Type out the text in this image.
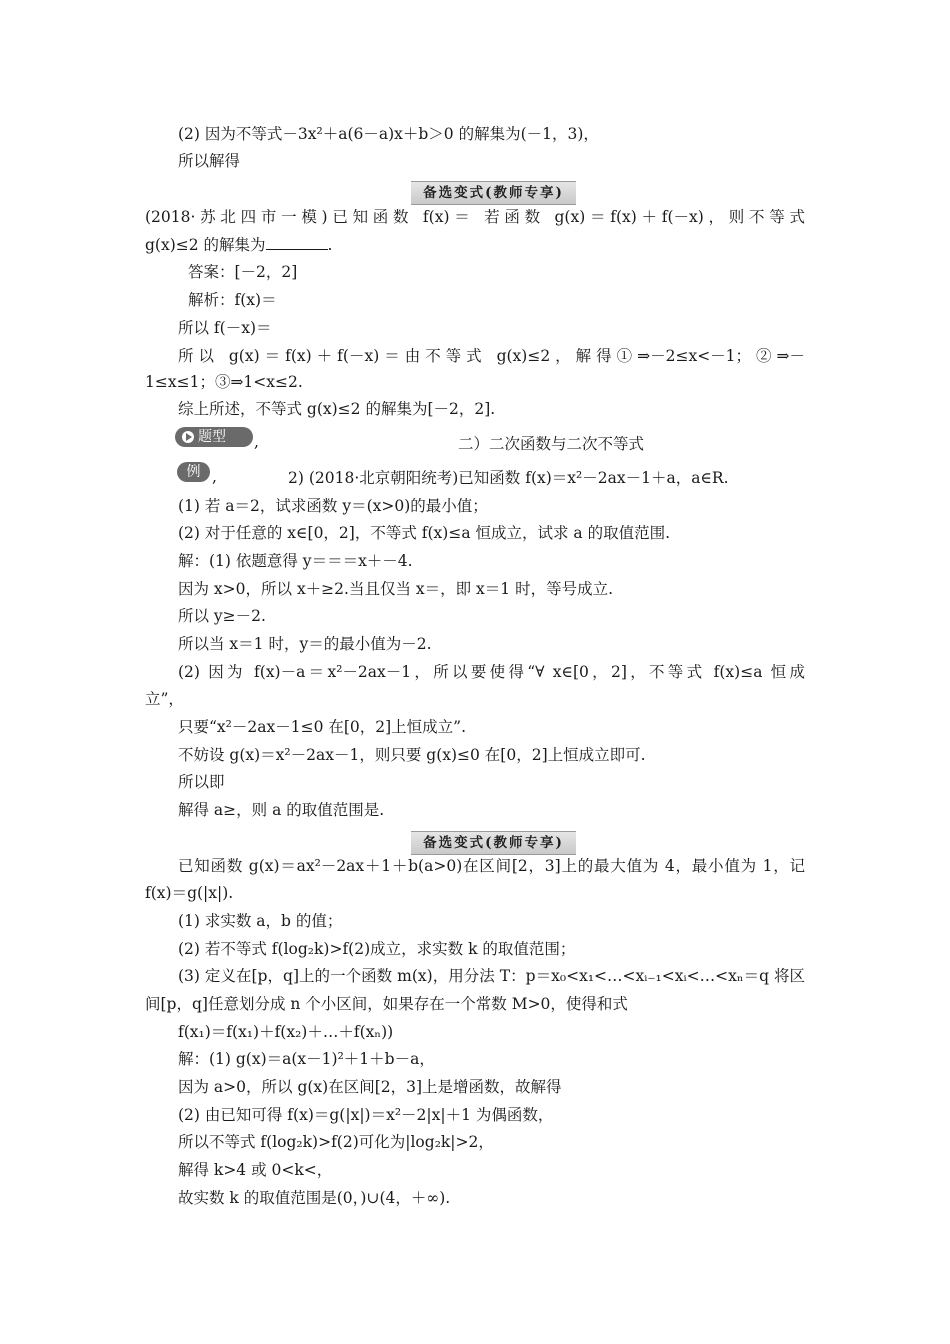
(2) 因为不等式－3x²＋a(6－a)x＋b＞0 的解集为(－1，3)，
所以解得
备选变式(教师专享)
(2018·苏北四市一模)已知函数 f(x)＝ 若函数 g(x)＝f(x)＋f(－x)，则不等式
g(x)≤2 的解集为	.
答案：[－2，2]
解析：f(x)＝
所以 f(－x)＝
所以 g(x)＝f(x)＋f(－x)＝由不等式 g(x)≤2，解得①⇒－2≤x<－1；②⇒－
1≤x≤1；③⇒1<x≤2.
综上所述，不等式 g(x)≤2 的解集为[－2，2].
题型 ,	二）二次函数与二次不等式
例 ,	2) (2018·北京朝阳统考)已知函数 f(x)＝x²－2ax－1＋a，a∈R.
(1) 若 a＝2，试求函数 y＝(x>0)的最小值；
(2) 对于任意的 x∈[0，2]，不等式 f(x)≤a 恒成立，试求 a 的取值范围.
解：(1) 依题意得 y＝＝＝x＋－4.
因为 x>0，所以 x＋≥2.当且仅当 x＝，即 x＝1 时，等号成立.
所以 y≥－2.
所以当 x＝1 时，y＝的最小值为－2.
(2) 因为 f(x)－a＝x²－2ax－1，所以要使得“∀ x∈[0，2]，不等式 f(x)≤a 恒成
立”，
只要“x²－2ax－1≤0 在[0，2]上恒成立”.
不妨设 g(x)＝x²－2ax－1，则只要 g(x)≤0 在[0，2]上恒成立即可.
所以即
解得 a≥，则 a 的取值范围是.
备选变式(教师专享)
已知函数 g(x)＝ax²－2ax＋1＋b(a>0)在区间[2，3]上的最大值为 4，最小值为 1，记
f(x)＝g(|x|).
(1) 求实数 a，b 的值；
(2) 若不等式 f(log₂k)>f(2)成立，求实数 k 的取值范围；
(3) 定义在[p，q]上的一个函数 m(x)，用分法 T：p＝x₀<x₁<…<xᵢ₋₁<xᵢ<…<xₙ＝q 将区
间[p，q]任意划分成 n 个小区间，如果存在一个常数 M>0，使得和式
f(x₁)＝f(x₁)＋f(x₂)＋…＋f(xₙ))
解：(1) g(x)＝a(x－1)²＋1＋b－a，
因为 a>0，所以 g(x)在区间[2，3]上是增函数，故解得
(2) 由已知可得 f(x)＝g(|x|)＝x²－2|x|＋1 为偶函数，
所以不等式 f(log₂k)>f(2)可化为|log₂k|>2，
解得 k>4 或 0<k<，
故实数 k 的取值范围是(0，)∪(4，＋∞).
